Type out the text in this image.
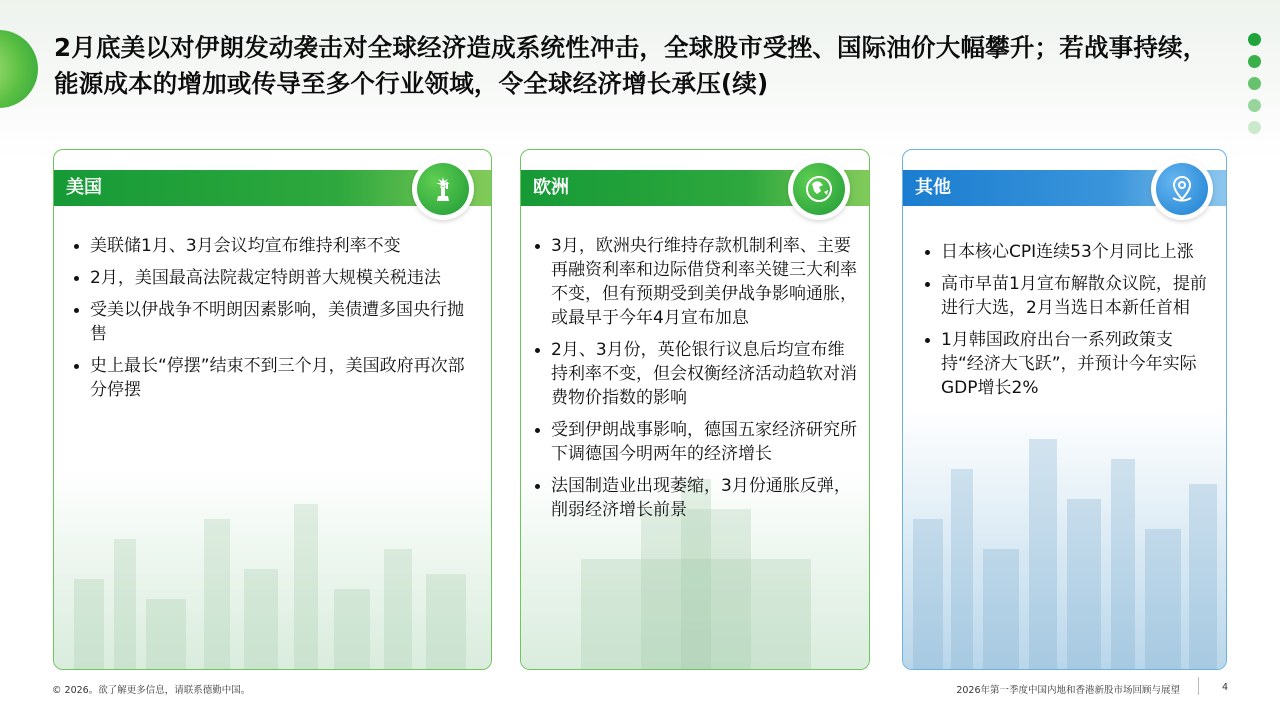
2月底美以对伊朗发动袭击对全球经济造成系统性冲击，全球股市受挫、国际油价大幅攀升；若战事持续，能源成本的增加或传导至多个行业领域，令全球经济增长承压(续)
美国
美联储1月、3月会议均宣布维持利率不变
2月，美国最高法院裁定特朗普大规模关税违法
受美以伊战争不明朗因素影响，美债遭多国央行抛售
史上最长“停摆”结束不到三个月，美国政府再次部分停摆
欧洲
3月，欧洲央行维持存款机制利率、主要再融资利率和边际借贷利率关键三大利率不变，但有预期受到美伊战争影响通胀，或最早于今年4月宣布加息
2月、3月份，英伦银行议息后均宣布维持利率不变，但会权衡经济活动趋软对消费物价指数的影响
受到伊朗战事影响，德国五家经济研究所下调德国今明两年的经济增长
法国制造业出现萎缩，3月份通胀反弹，削弱经济增长前景
其他
日本核心CPI连续53个月同比上涨
高市早苗1月宣布解散众议院，提前进行大选，2月当选日本新任首相
1月韩国政府出台一系列政策支持“经济大飞跃”，并预计今年实际GDP增长2%
© 2026。欲了解更多信息，请联系德勤中国。	2026年第一季度中国内地和香港新股市场回顾与展望	4
